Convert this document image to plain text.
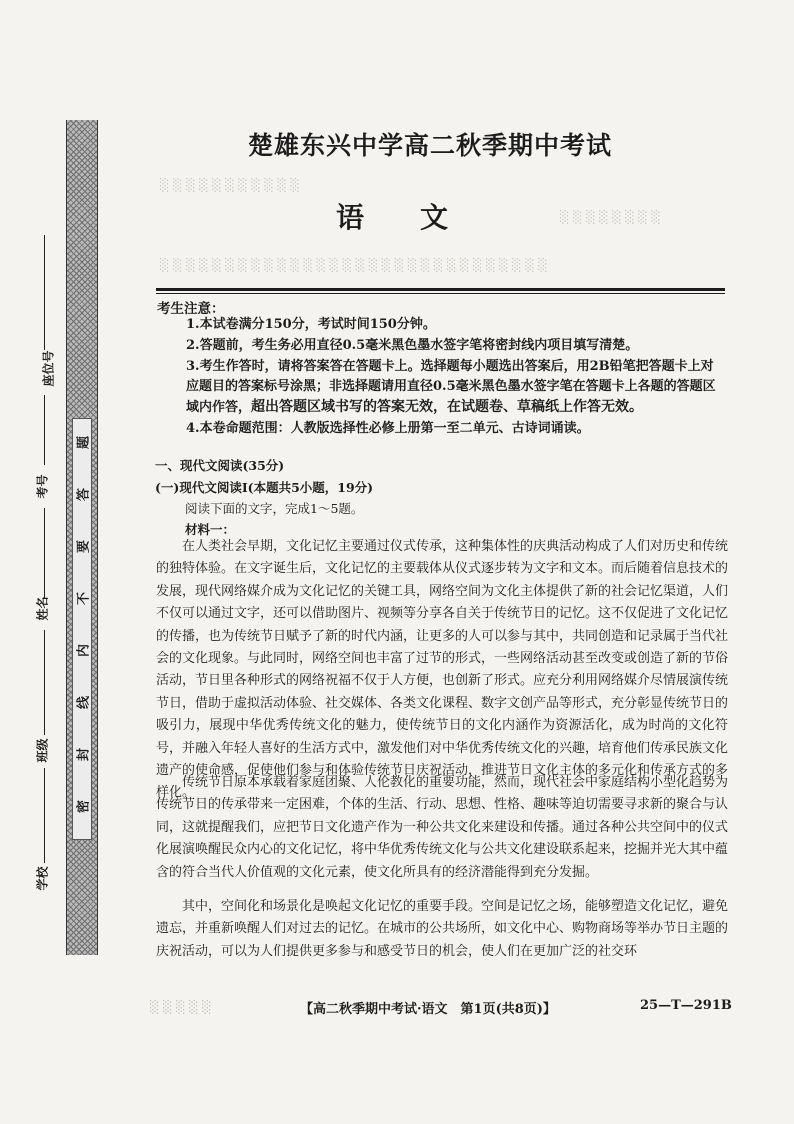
题
答
要
不
内
线
封
密
座位号
考号
姓名
班级
学校
░ ░ ░ ░ ░ ░ ░ ░ ░ ░ ░
░ ░ ░ ░ ░ ░ ░ ░
░ ░ ░ ░ ░ ░ ░ ░ ░ ░ ░ ░ ░ ░ ░ ░ ░ ░ ░ ░ ░ ░ ░ ░ ░ ░ ░ ░ ░ ░
楚雄东兴中学高二秋季期中考试
语文
考生注意：
1.本试卷满分150分，考试时间150分钟。
2.答题前，考生务必用直径0.5毫米黑色墨水签字笔将密封线内项目填写清楚。
3.考生作答时，请将答案答在答题卡上。选择题每小题选出答案后，用2B铅笔把答题卡上对应题目的答案标号涂黑；非选择题请用直径0.5毫米黑色墨水签字笔在答题卡上各题的答题区域内作答，超出答题区域书写的答案无效，在试题卷、草稿纸上作答无效。
4.本卷命题范围：人教版选择性必修上册第一至二单元、古诗词诵读。
一、现代文阅读(35分)
(一)现代文阅读Ⅰ(本题共5小题，19分)
阅读下面的文字，完成1～5题。
材料一：
在人类社会早期，文化记忆主要通过仪式传承，这种集体性的庆典活动构成了人们对历史和传统的独特体验。在文字诞生后，文化记忆的主要载体从仪式逐步转为文字和文本。而后随着信息技术的发展，现代网络媒介成为文化记忆的关键工具，网络空间为文化主体提供了新的社会记忆渠道，人们不仅可以通过文字，还可以借助图片、视频等分享各自关于传统节日的记忆。这不仅促进了文化记忆的传播，也为传统节日赋予了新的时代内涵，让更多的人可以参与其中，共同创造和记录属于当代社会的文化现象。与此同时，网络空间也丰富了过节的形式，一些网络活动甚至改变或创造了新的节俗活动，节日里各种形式的网络祝福不仅于人方便，也创新了形式。应充分利用网络媒介尽情展演传统节日，借助于虚拟活动体验、社交媒体、各类文化课程、数字文创产品等形式，充分彰显传统节日的吸引力，展现中华优秀传统文化的魅力，使传统节日的文化内涵作为资源活化，成为时尚的文化符号，并融入年轻人喜好的生活方式中，激发他们对中华优秀传统文化的兴趣，培育他们传承民族文化遗产的使命感，促使他们参与和体验传统节日庆祝活动，推进节日文化主体的多元化和传承方式的多样化。
传统节日原本承载着家庭团聚、人伦教化的重要功能，然而，现代社会中家庭结构小型化趋势为传统节日的传承带来一定困难，个体的生活、行动、思想、性格、趣味等迫切需要寻求新的聚合与认同，这就提醒我们，应把节日文化遗产作为一种公共文化来建设和传播。通过各种公共空间中的仪式化展演唤醒民众内心的文化记忆，将中华优秀传统文化与公共文化建设联系起来，挖掘并光大其中蕴含的符合当代人价值观的文化元素，使文化所具有的经济潜能得到充分发掘。
其中，空间化和场景化是唤起文化记忆的重要手段。空间是记忆之场，能够塑造文化记忆，避免遗忘，并重新唤醒人们对过去的记忆。在城市的公共场所，如文化中心、购物商场等举办节日主题的庆祝活动，可以为人们提供更多参与和感受节日的机会，使人们在更加广泛的社交环
░ ░ ░ ░ ░	【高二秋季期中考试·语文　第1页(共8页)】	25—T—291B
